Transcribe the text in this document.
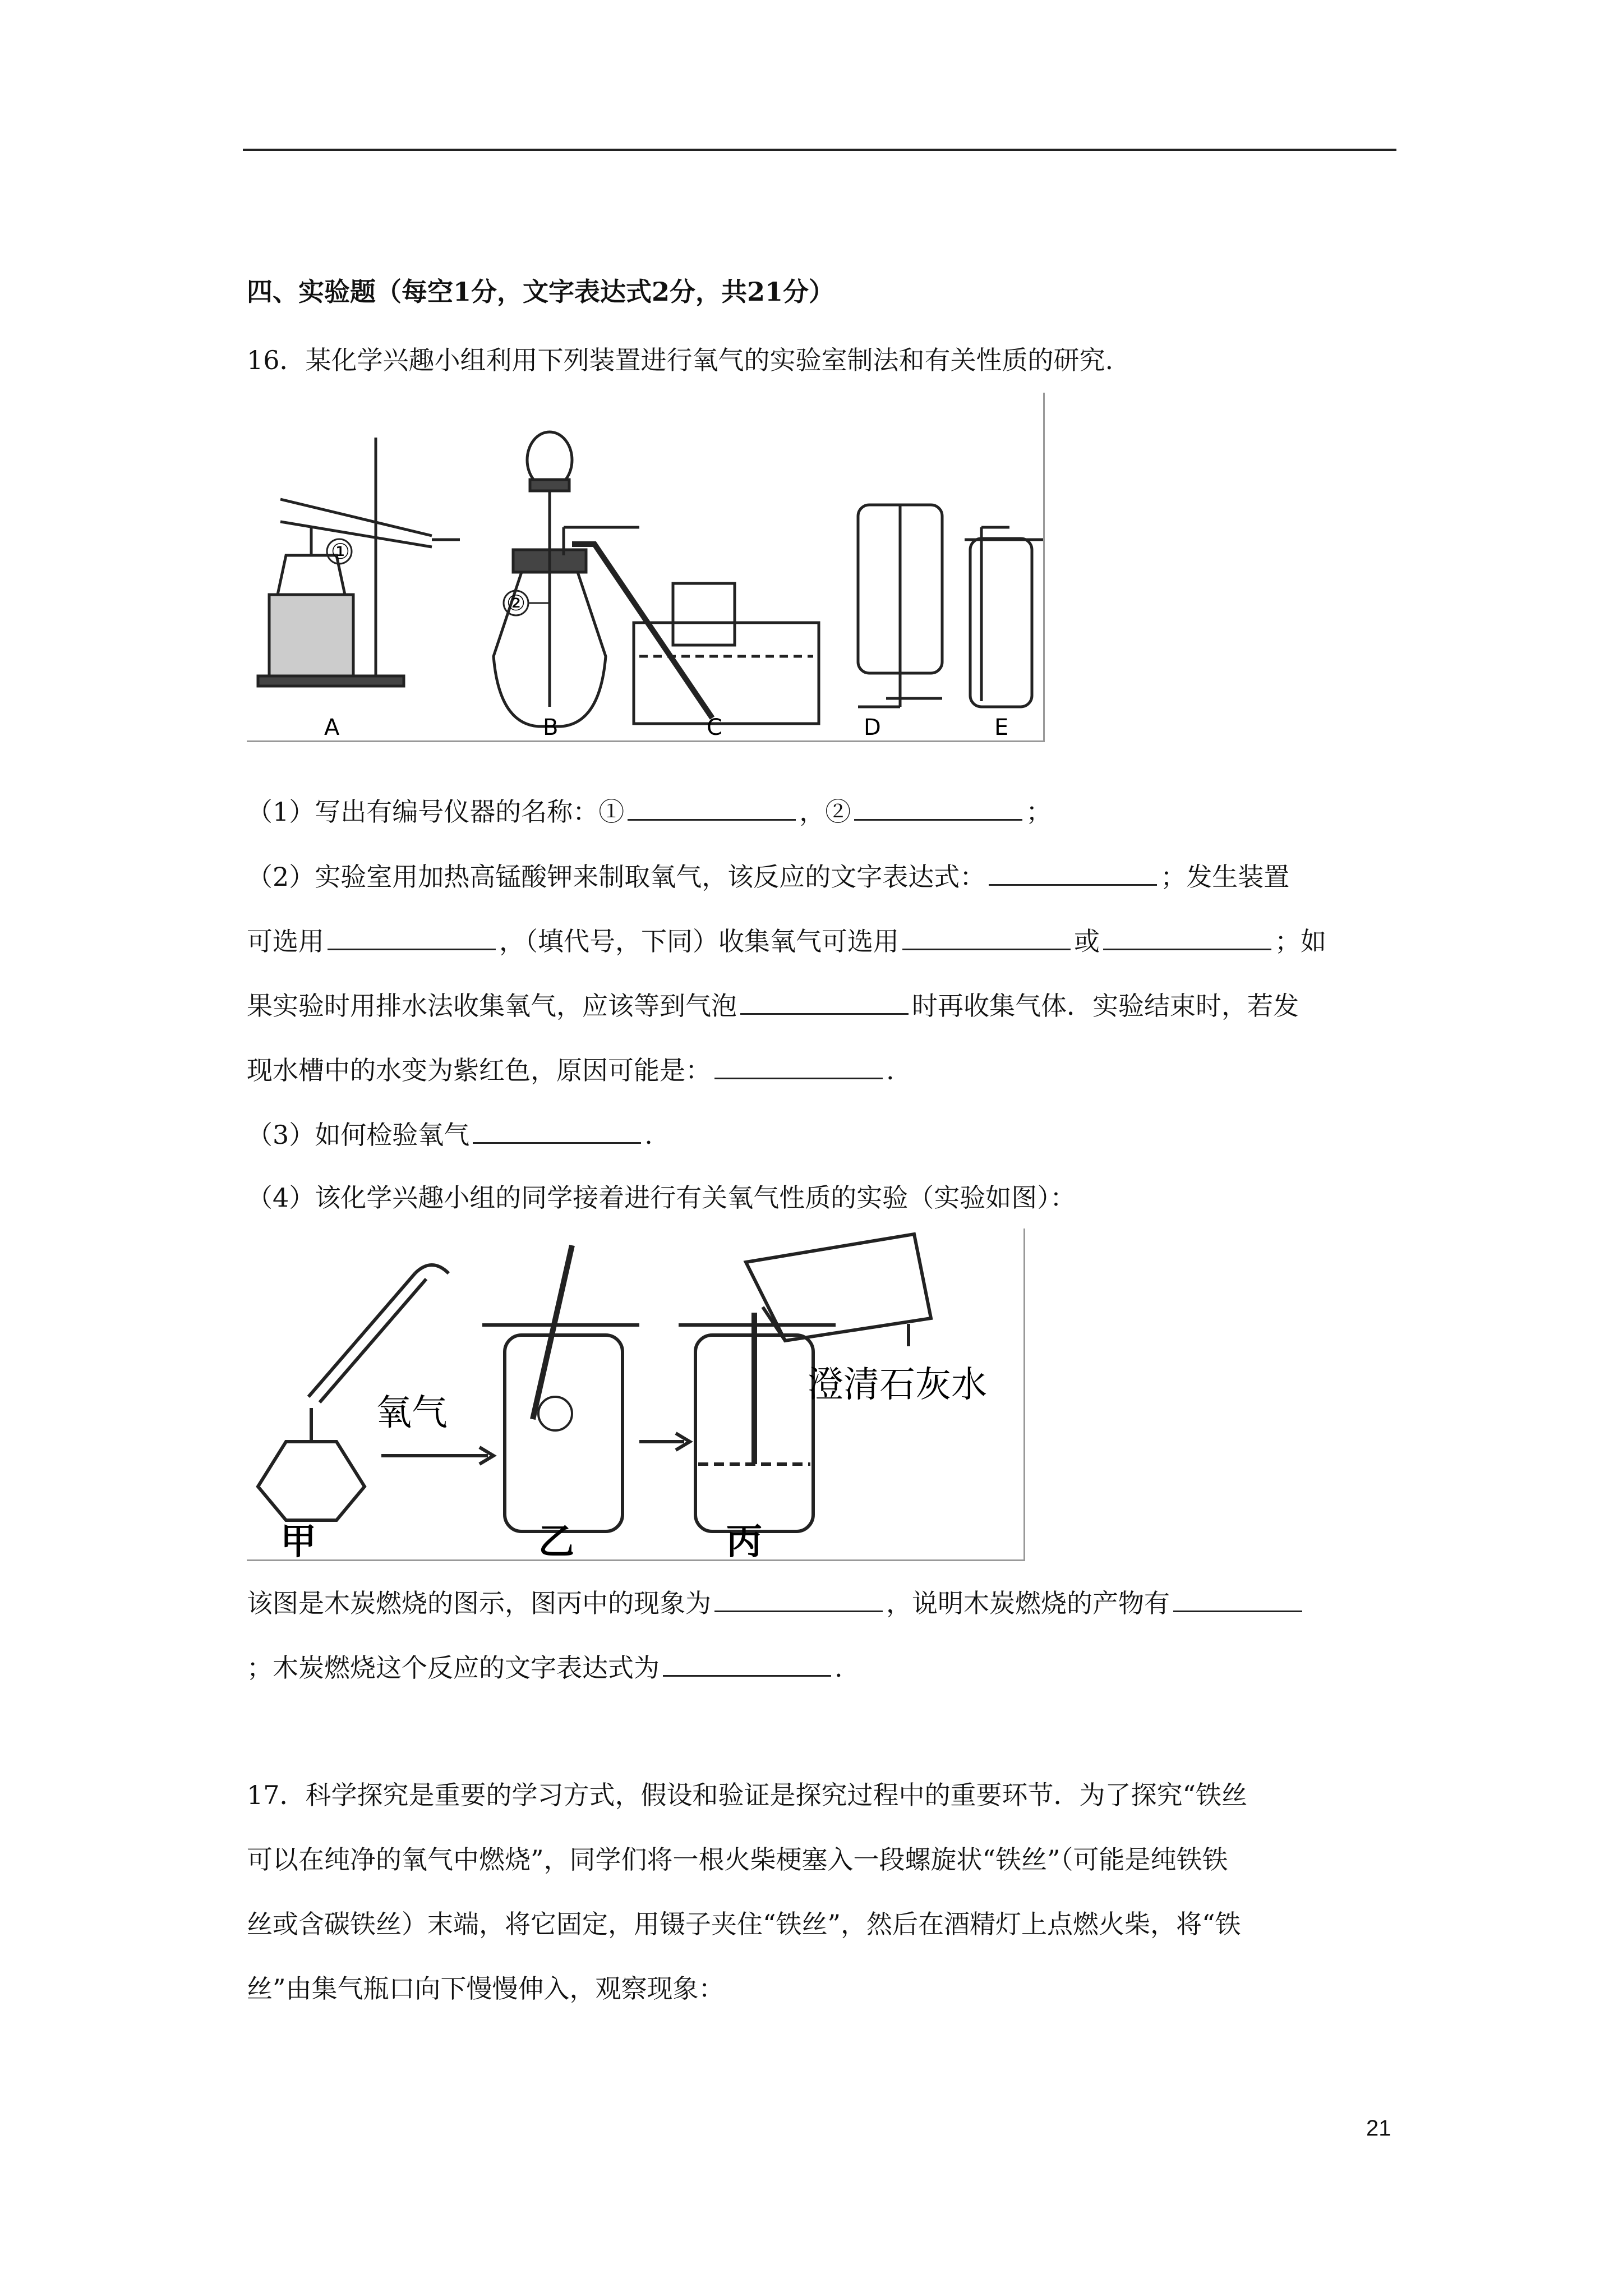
四、实验题（每空1分，文字表达式2分，共21分）
16．某化学兴趣小组利用下列装置进行氧气的实验室制法和有关性质的研究.
①
②
A	B	C	D	E
（1）写出有编号仪器的名称：①	，②	；
（2）实验室用加热高锰酸钾来制取氧气，该反应的文字表达式：	；发生装置
可选用	，（填代号，下同）收集氧气可选用	或	；如
果实验时用排水法收集氧气，应该等到气泡	时再收集气体．实验结束时，若发
现水槽中的水变为紫红色，原因可能是：	.
（3）如何检验氧气	.
（4）该化学兴趣小组的同学接着进行有关氧气性质的实验（实验如图）：
氧气
澄清石灰水
甲	乙	丙
该图是木炭燃烧的图示，图丙中的现象为	，说明木炭燃烧的产物有
；木炭燃烧这个反应的文字表达式为	.
17．科学探究是重要的学习方式，假设和验证是探究过程中的重要环节．为了探究“铁丝
可以在纯净的氧气中燃烧”，同学们将一根火柴梗塞入一段螺旋状“铁丝”（可能是纯铁铁
丝或含碳铁丝）末端，将它固定，用镊子夹住“铁丝”，然后在酒精灯上点燃火柴，将“铁
丝”由集气瓶口向下慢慢伸入，观察现象：
21
